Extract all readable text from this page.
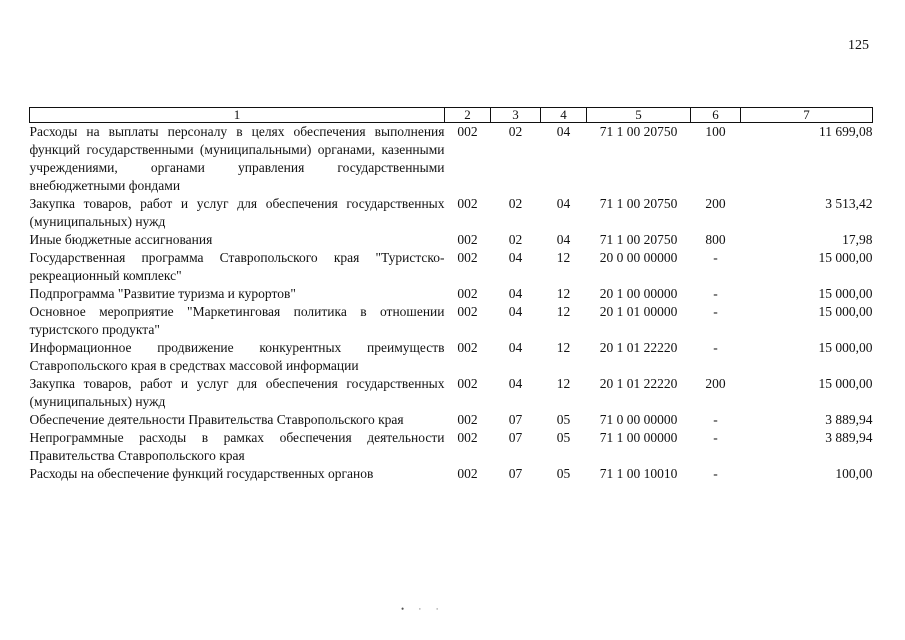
125
1	2	3	4	5	6	7
Расходы на выплаты персоналу в целях обеспечения выполнения функций государственными (муниципальными) органами, казенными учреждениями, органами управления государственными внебюджетными фондами	002	02	04	71 1 00 20750	100	11 699,08
Закупка товаров, работ и услуг для обеспечения государственных (муниципальных) нужд	002	02	04	71 1 00 20750	200	3 513,42
Иные бюджетные ассигнования	002	02	04	71 1 00 20750	800	17,98
Государственная программа Ставропольского края "Туристско-рекреационный комплекс"	002	04	12	20 0 00 00000	-	15 000,00
Подпрограмма "Развитие туризма и курортов"	002	04	12	20 1 00 00000	-	15 000,00
Основное мероприятие "Маркетинговая политика в отношении туристского продукта"	002	04	12	20 1 01 00000	-	15 000,00
Информационное продвижение конкурентных преимуществ Ставропольского края в средствах массовой информации	002	04	12	20 1 01 22220	-	15 000,00
Закупка товаров, работ и услуг для обеспечения государственных (муниципальных) нужд	002	04	12	20 1 01 22220	200	15 000,00
Обеспечение деятельности Правительства Ставропольского края	002	07	05	71 0 00 00000	-	3 889,94
Непрограммные расходы в рамках обеспечения деятельности Правительства Ставропольского края	002	07	05	71 1 00 00000	-	3 889,94
Расходы на обеспечение функций государственных органов	002	07	05	71 1 00 10010	-	100,00
• · ·
